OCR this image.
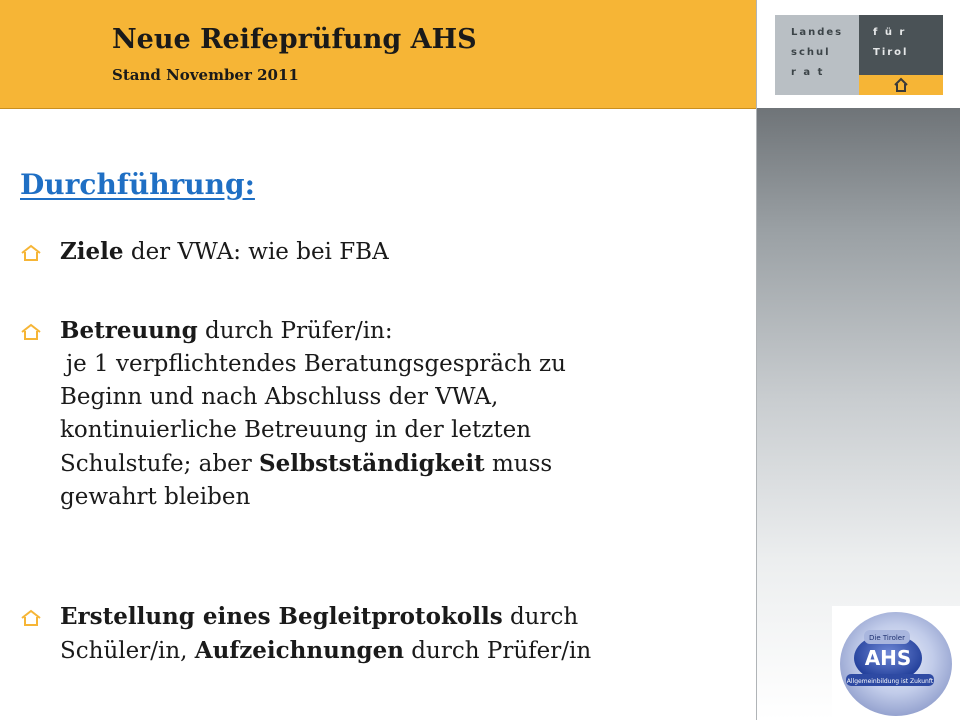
Neue Reifeprüfung AHS
Stand November 2011
Landes
schul
r a t
f ü r
Tirol
Durchführung:
Ziele der VWA: wie bei FBA
Betreuung durch Prüfer/in:
je 1 verpflichtendes Beratungsgespräch zu
Beginn und nach Abschluss der VWA,
kontinuierliche Betreuung in der letzten
Schulstufe; aber Selbstständigkeit muss
gewahrt bleiben
Erstellung eines Begleitprotokolls durch
Schüler/in, Aufzeichnungen durch Prüfer/in	Die Tiroler
AHS
Allgemeinbildung ist Zukunft
